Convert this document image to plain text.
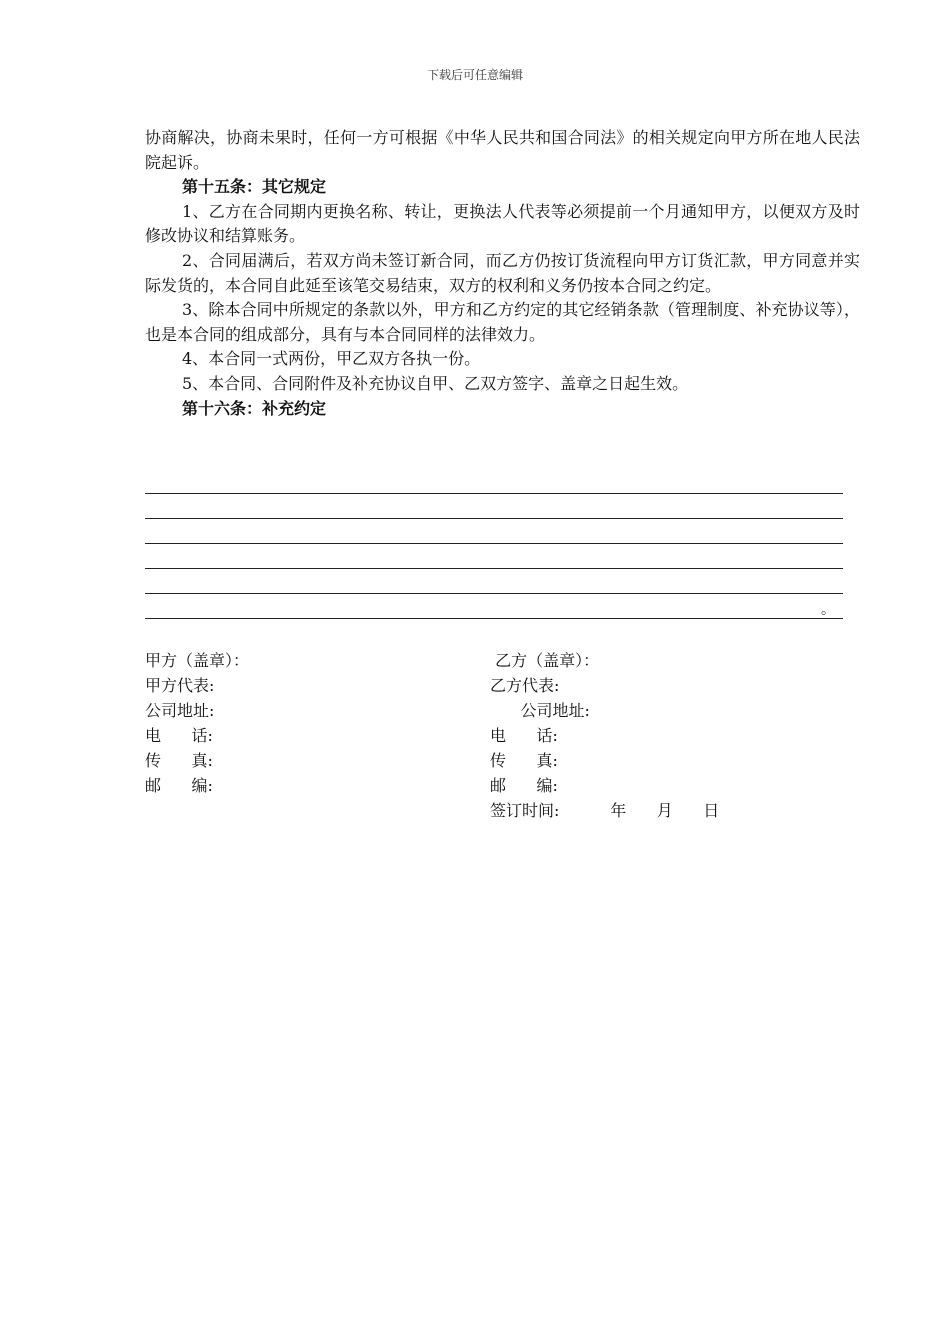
下载后可任意编辑

协商解决，协商未果时，任何一方可根据《中华人民共和国合同法》的相关规定向甲方所在地人民法院起诉。

第十五条：其它规定

1、乙方在合同期内更换名称、转让，更换法人代表等必须提前一个月通知甲方，以便双方及时修改协议和结算账务。

2、合同届满后，若双方尚未签订新合同，而乙方仍按订货流程向甲方订货汇款，甲方同意并实际发货的，本合同自此延至该笔交易结束，双方的权利和义务仍按本合同之约定。

3、除本合同中所规定的条款以外，甲方和乙方约定的其它经销条款（管理制度、补充协议等），也是本合同的组成部分，具有与本合同同样的法律效力。

4、本合同一式两份，甲乙双方各执一份。

5、本合同、合同附件及补充协议自甲、乙双方签字、盖章之日起生效。

第十六条：补充约定

。
甲方（盖章）：
甲方代表:
公司地址:
电      话:
传      真:
邮      编:
乙方（盖章）：
乙方代表:
公司地址:
电      话:
传      真:
邮      编:
签订时间:          年      月      日
